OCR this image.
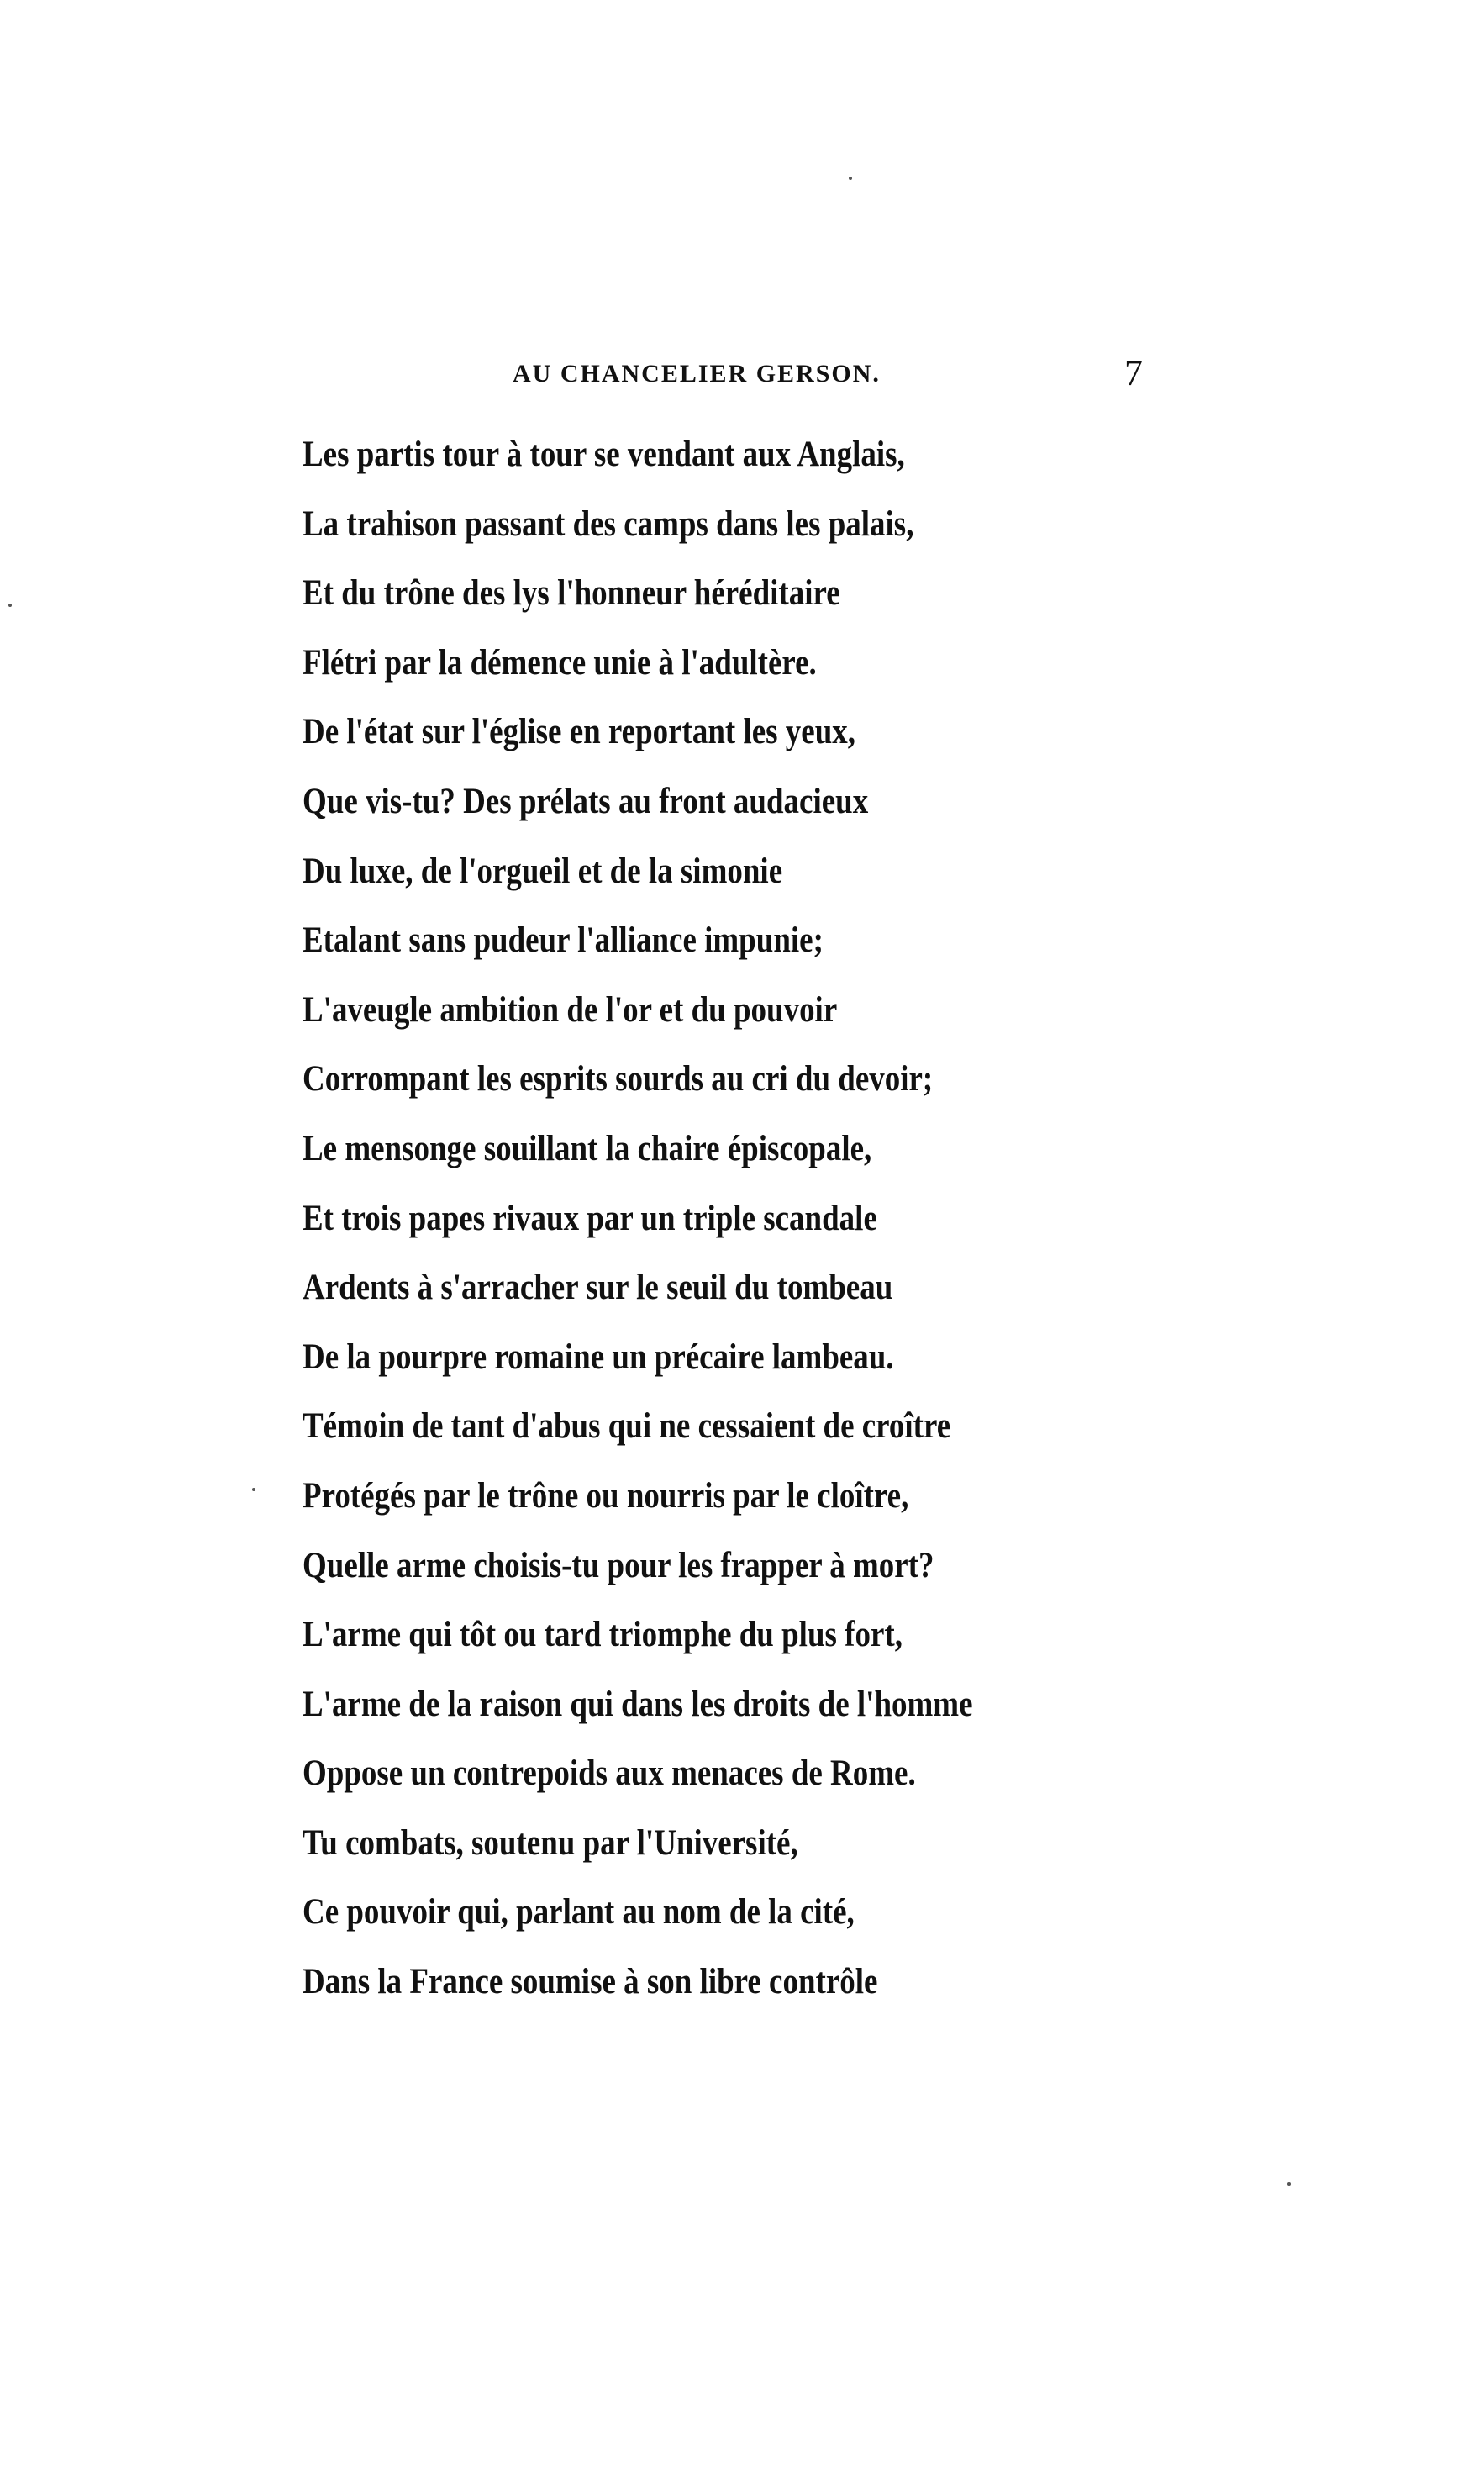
AU CHANCELIER GERSON.	7
Les partis tour à tour se vendant aux Anglais,
La trahison passant des camps dans les palais,
Et du trône des lys l'honneur héréditaire
Flétri par la démence unie à l'adultère.
De l'état sur l'église en reportant les yeux,
Que vis-tu? Des prélats au front audacieux
Du luxe, de l'orgueil et de la simonie
Etalant sans pudeur l'alliance impunie;
L'aveugle ambition de l'or et du pouvoir
Corrompant les esprits sourds au cri du devoir;
Le mensonge souillant la chaire épiscopale,
Et trois papes rivaux par un triple scandale
Ardents à s'arracher sur le seuil du tombeau
De la pourpre romaine un précaire lambeau.
Témoin de tant d'abus qui ne cessaient de croître
Protégés par le trône ou nourris par le cloître,
Quelle arme choisis-tu pour les frapper à mort?
L'arme qui tôt ou tard triomphe du plus fort,
L'arme de la raison qui dans les droits de l'homme
Oppose un contrepoids aux menaces de Rome.
Tu combats, soutenu par l'Université,
Ce pouvoir qui, parlant au nom de la cité,
Dans la France soumise à son libre contrôle
